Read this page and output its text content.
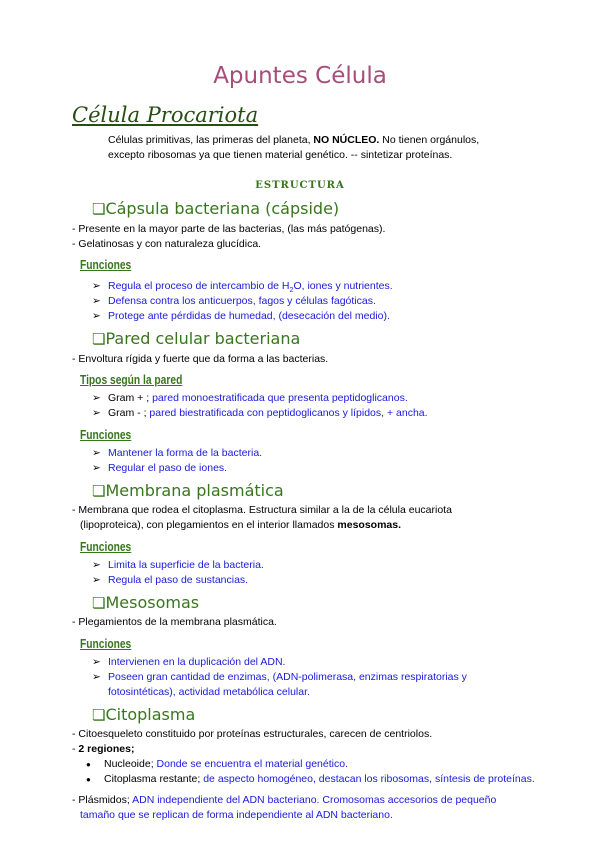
Apuntes Célula
Célula Procariota
Células primitivas, las primeras del planeta, NO NÚCLEO. No tienen orgánulos,
excepto ribosomas ya que tienen material genético. -- sintetizar proteínas.
ESTRUCTURA
❏Cápsula bacteriana (cápside)
- Presente en la mayor parte de las bacterias, (las más patógenas).
- Gelatinosas y con naturaleza glucídica.
Funciones
➢ Regula el proceso de intercambio de $H_2O$, iones y nutrientes.
➢ Defensa contra los anticuerpos, fagos y células fagóticas.
➢ Protege ante pérdidas de humedad, (desecación del medio).
❏Pared celular bacteriana
- Envoltura rígida y fuerte que da forma a las bacterias.
Tipos según la pared
➢ Gram + ; pared monoestratificada que presenta peptidoglicanos.
➢ Gram - ; pared biestratificada con peptidoglicanos y lípidos, + ancha.
Funciones
➢ Mantener la forma de la bacteria.
➢ Regular el paso de iones.
❏Membrana plasmática
- Membrana que rodea el citoplasma. Estructura similar a la de la célula eucariota
(lipoproteica), con plegamientos en el interior llamados mesosomas.
Funciones
➢ Limita la superficie de la bacteria.
➢ Regula el paso de sustancias.
❏Mesosomas
- Plegamientos de la membrana plasmática.
Funciones
➢ Intervienen en la duplicación del ADN.
➢ Poseen gran cantidad de enzimas, (ADN-polimerasa, enzimas respiratorias y
fotosintéticas), actividad metabólica celular.
❏Citoplasma
- Citoesqueleto constituido por proteínas estructurales, carecen de centriolos.
- 2 regiones;
● Nucleoide; Donde se encuentra el material genético.
● Citoplasma restante; de aspecto homogéneo, destacan los ribosomas, síntesis de proteínas.
- Plásmidos; ADN independiente del ADN bacteriano. Cromosomas accesorios de pequeño
tamaño que se replican de forma independiente al ADN bacteriano.
